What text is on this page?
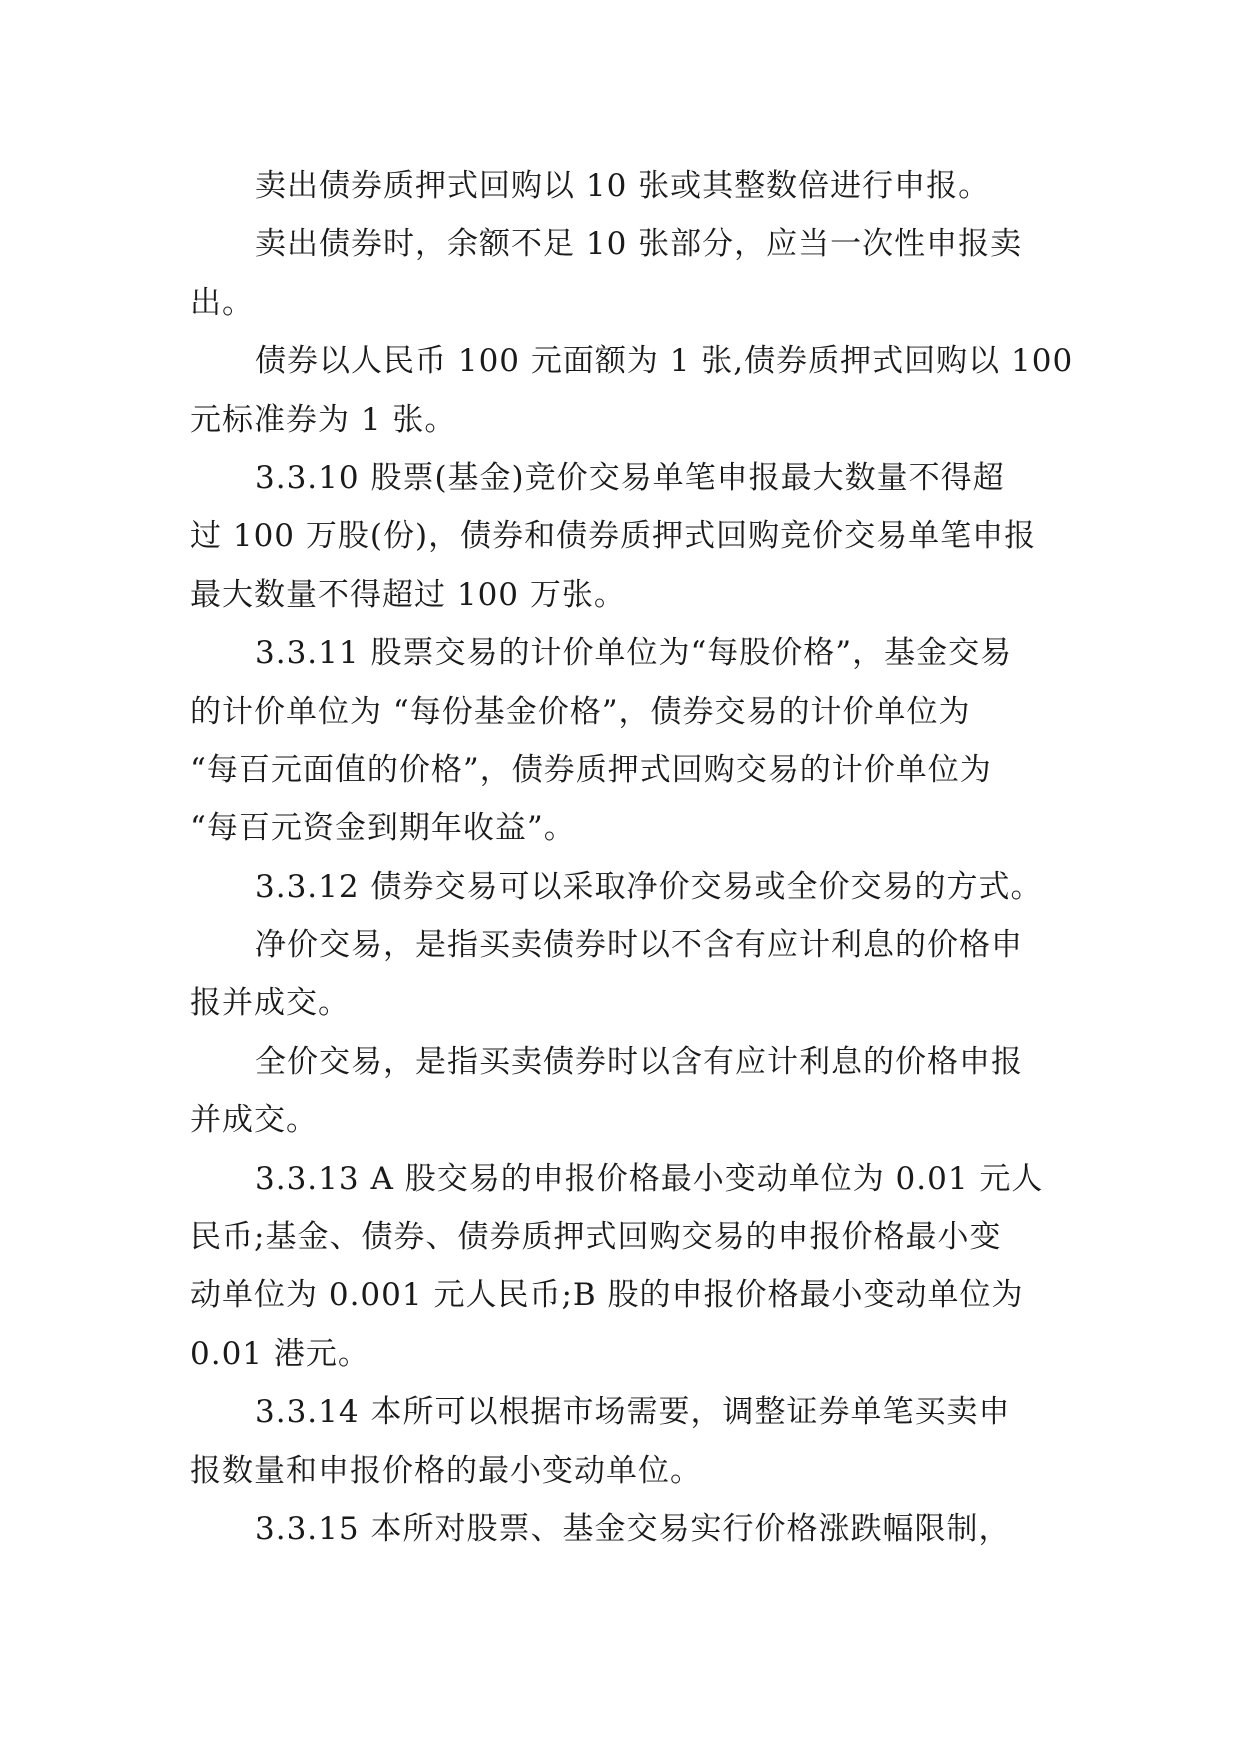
卖出债券质押式回购以 10 张或其整数倍进行申报。
卖出债券时，余额不足 10 张部分，应当一次性申报卖
出。
债券以人民币 100 元面额为 1 张,债券质押式回购以 100
元标准券为 1 张。
3.3.10 股票(基金)竞价交易单笔申报最大数量不得超
过 100 万股(份)，债券和债券质押式回购竞价交易单笔申报
最大数量不得超过 100 万张。
3.3.11 股票交易的计价单位为“每股价格”，基金交易
的计价单位为 “每份基金价格”，债券交易的计价单位为
“每百元面值的价格”，债券质押式回购交易的计价单位为
“每百元资金到期年收益”。
3.3.12 债券交易可以采取净价交易或全价交易的方式。
净价交易，是指买卖债券时以不含有应计利息的价格申
报并成交。
全价交易，是指买卖债券时以含有应计利息的价格申报
并成交。
3.3.13 A 股交易的申报价格最小变动单位为 0.01 元人
民币;基金、债券、债券质押式回购交易的申报价格最小变
动单位为 0.001 元人民币;B 股的申报价格最小变动单位为
0.01 港元。
3.3.14 本所可以根据市场需要，调整证券单笔买卖申
报数量和申报价格的最小变动单位。
3.3.15 本所对股票、基金交易实行价格涨跌幅限制，
